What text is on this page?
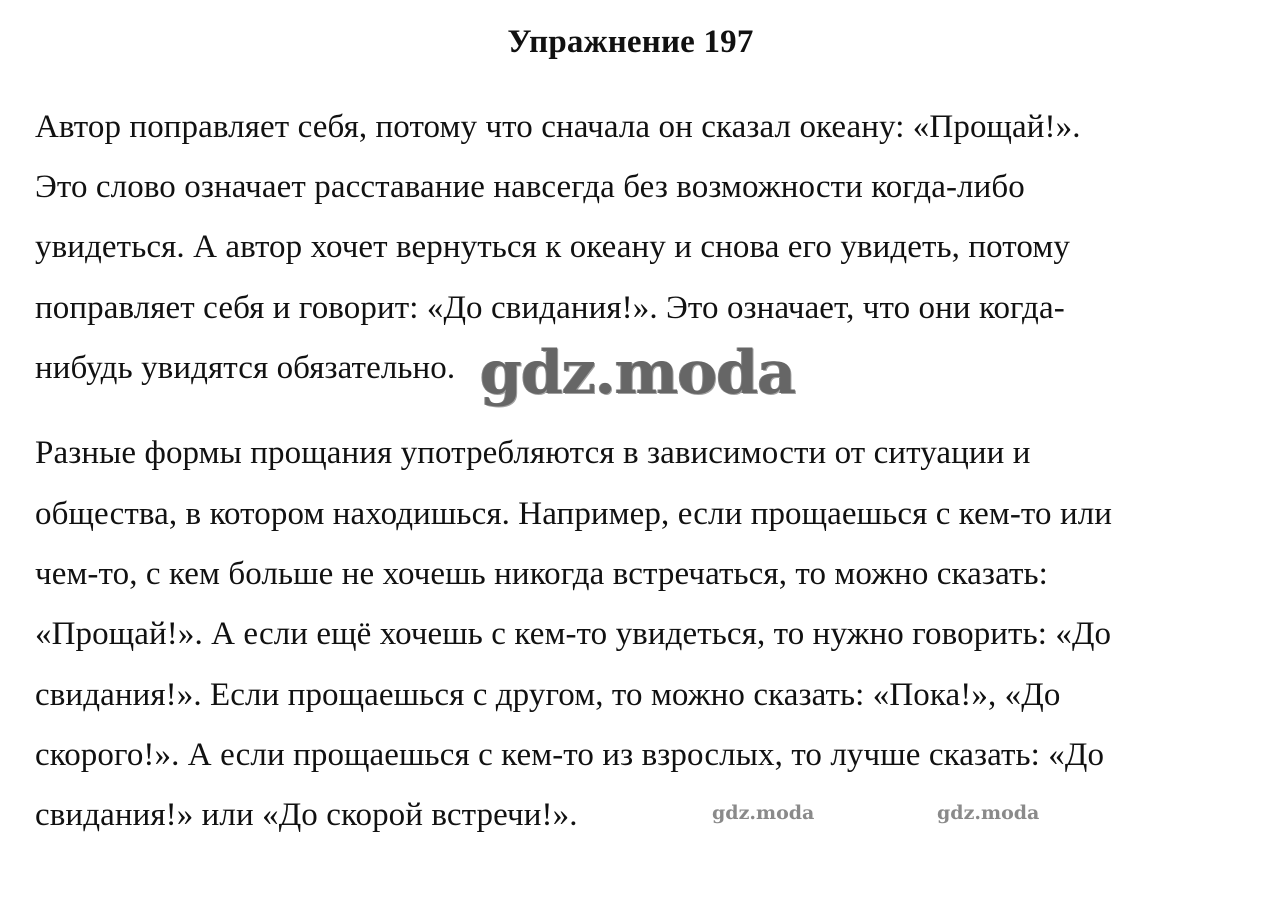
Упражнение 197
Автор поправляет себя, потому что сначала он сказал океану: «Прощай!».
Это слово означает расставание навсегда без возможности когда-либо
увидеться. А автор хочет вернуться к океану и снова его увидеть, потому
поправляет себя и говорит: «До свидания!». Это означает, что они когда-
нибудь увидятся обязательно.
Разные формы прощания употребляются в зависимости от ситуации и
общества, в котором находишься. Например, если прощаешься с кем-то или
чем-то, с кем больше не хочешь никогда встречаться, то можно сказать:
«Прощай!». А если ещё хочешь с кем-то увидеться, то нужно говорить: «До
свидания!». Если прощаешься с другом, то можно сказать: «Пока!», «До
скорого!». А если прощаешься с кем-то из взрослых, то лучше сказать: «До
свидания!» или «До скорой встречи!».
gdz.moda
gdz.moda	gdz.moda
